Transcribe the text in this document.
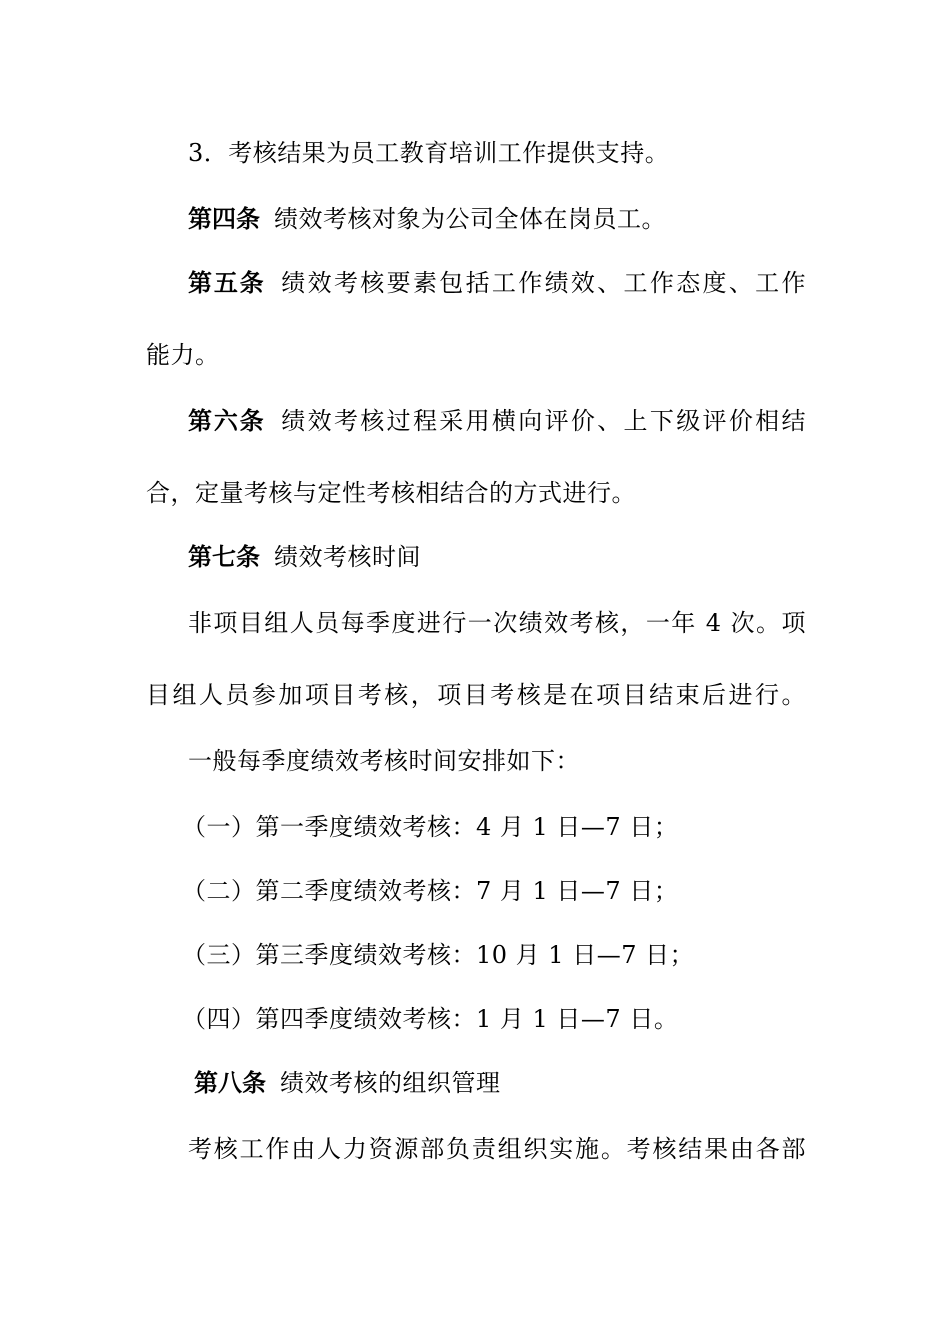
3．考核结果为员工教育培训工作提供支持。
第四条 绩效考核对象为公司全体在岗员工。
第五条 绩效考核要素包括工作绩效、工作态度、工作
能力。
第六条 绩效考核过程采用横向评价、上下级评价相结
合，定量考核与定性考核相结合的方式进行。
第七条 绩效考核时间
非项目组人员每季度进行一次绩效考核，一年 4 次。项
目组人员参加项目考核，项目考核是在项目结束后进行。
一般每季度绩效考核时间安排如下：
（一）第一季度绩效考核：4 月 1 日—7 日；
（二）第二季度绩效考核：7 月 1 日—7 日；
（三）第三季度绩效考核：10 月 1 日—7 日；
（四）第四季度绩效考核：1 月 1 日—7 日。
第八条 绩效考核的组织管理
考核工作由人力资源部负责组织实施。考核结果由各部
